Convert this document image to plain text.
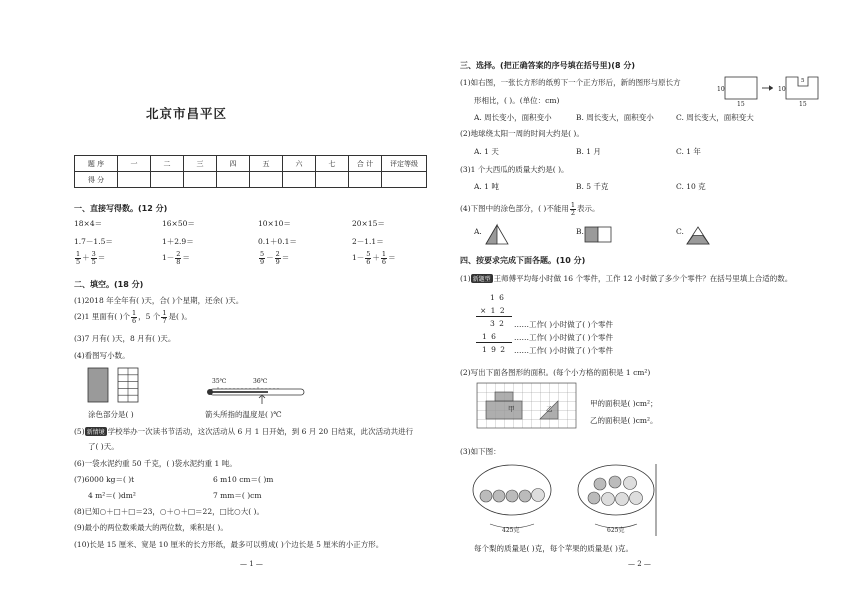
北京市昌平区
题 序	一	二	三	四	五	六	七	合 计	评定等级
得 分									
一、直接写得数。(12 分)
18×4＝	16×50＝	10×10＝	20×15＝
1.7－1.5＝	1＋2.9＝	0.1＋0.1＝	2－1.1＝
$\frac{1}{5} + \frac{3}{5}$ ＝	$1- \frac{2}{8}$ ＝	$\frac{5}{9} - \frac{2}{9}$ ＝	$1- \frac{5}{6} + \frac{1}{6}$ ＝
二、填空。(18 分)
(1)2018 年全年有( )天，合( )个星期，还余( )天。
(2)1 里面有( )个 $\frac{1}{6}$ ，5 个 $\frac{1}{7}$ 是( )。
(3)7 月有( )天，8 月有( )天。
(4)看图写小数。
35℃	36℃
涂色部分是( )	箭头所指的温度是( )℃
(5) 新情境 学校举办一次读书节活动，这次活动从 6 月 1 日开始，到 6 月 20 日结束，此次活动共进行
了( )天。
(6)一袋水泥约重 50 千克，( )袋水泥约重 1 吨。
(7)6000 kg＝( )t	6 m10 cm＝( )m
4 m²＝( )dm²	7 mm＝( )cm
(8)已知○＋□＋□＝23，○＋○＋□＝22，□比○大( )。
(9)最小的两位数乘最大的两位数，乘积是( )。
(10)长是 15 厘米、宽是 10 厘米的长方形纸，最多可以剪成( )个边长是 5 厘米的小正方形。
— 1 —
三、选择。(把正确答案的序号填在括号里)(8 分)
(1)如右图，一张长方形的纸剪下一个正方形后，新的图形与原长方
形相比，( )。(单位：cm)
10
15
10
15
5
A. 周长变小，面积变小	B. 周长变大，面积变小	C. 周长变大，面积变大
(2)地球绕太阳一周的时间大约是( )。
A. 1 天	B. 1 月	C. 1 年
(3)1 个大西瓜的质量大约是( )。
A. 1 吨	B. 5 千克	C. 10 克
(4)下图中的涂色部分，( )不能用 $\frac{1}{2}$ 表示。
A.	B.	C.
四、按要求完成下面各题。(10 分)
(1) 新题型 王师傅平均每小时做 16 个零件，工作 12 小时做了多少个零件？在括号里填上合适的数。
1 6
× 1 2
3 2 ……工作( )小时做了( )个零件
1 6 ……工作( )小时做了( )个零件
1 9 2 ……工作( )小时做了( )个零件
(2)写出下面各图形的面积。(每个小方格的面积是 1 cm²)
甲	乙
甲的面积是( )cm²；
乙的面积是( )cm²。
(3)如下图：
425克	625克
每个梨的质量是( )克，每个苹果的质量是( )克。
— 2 —
